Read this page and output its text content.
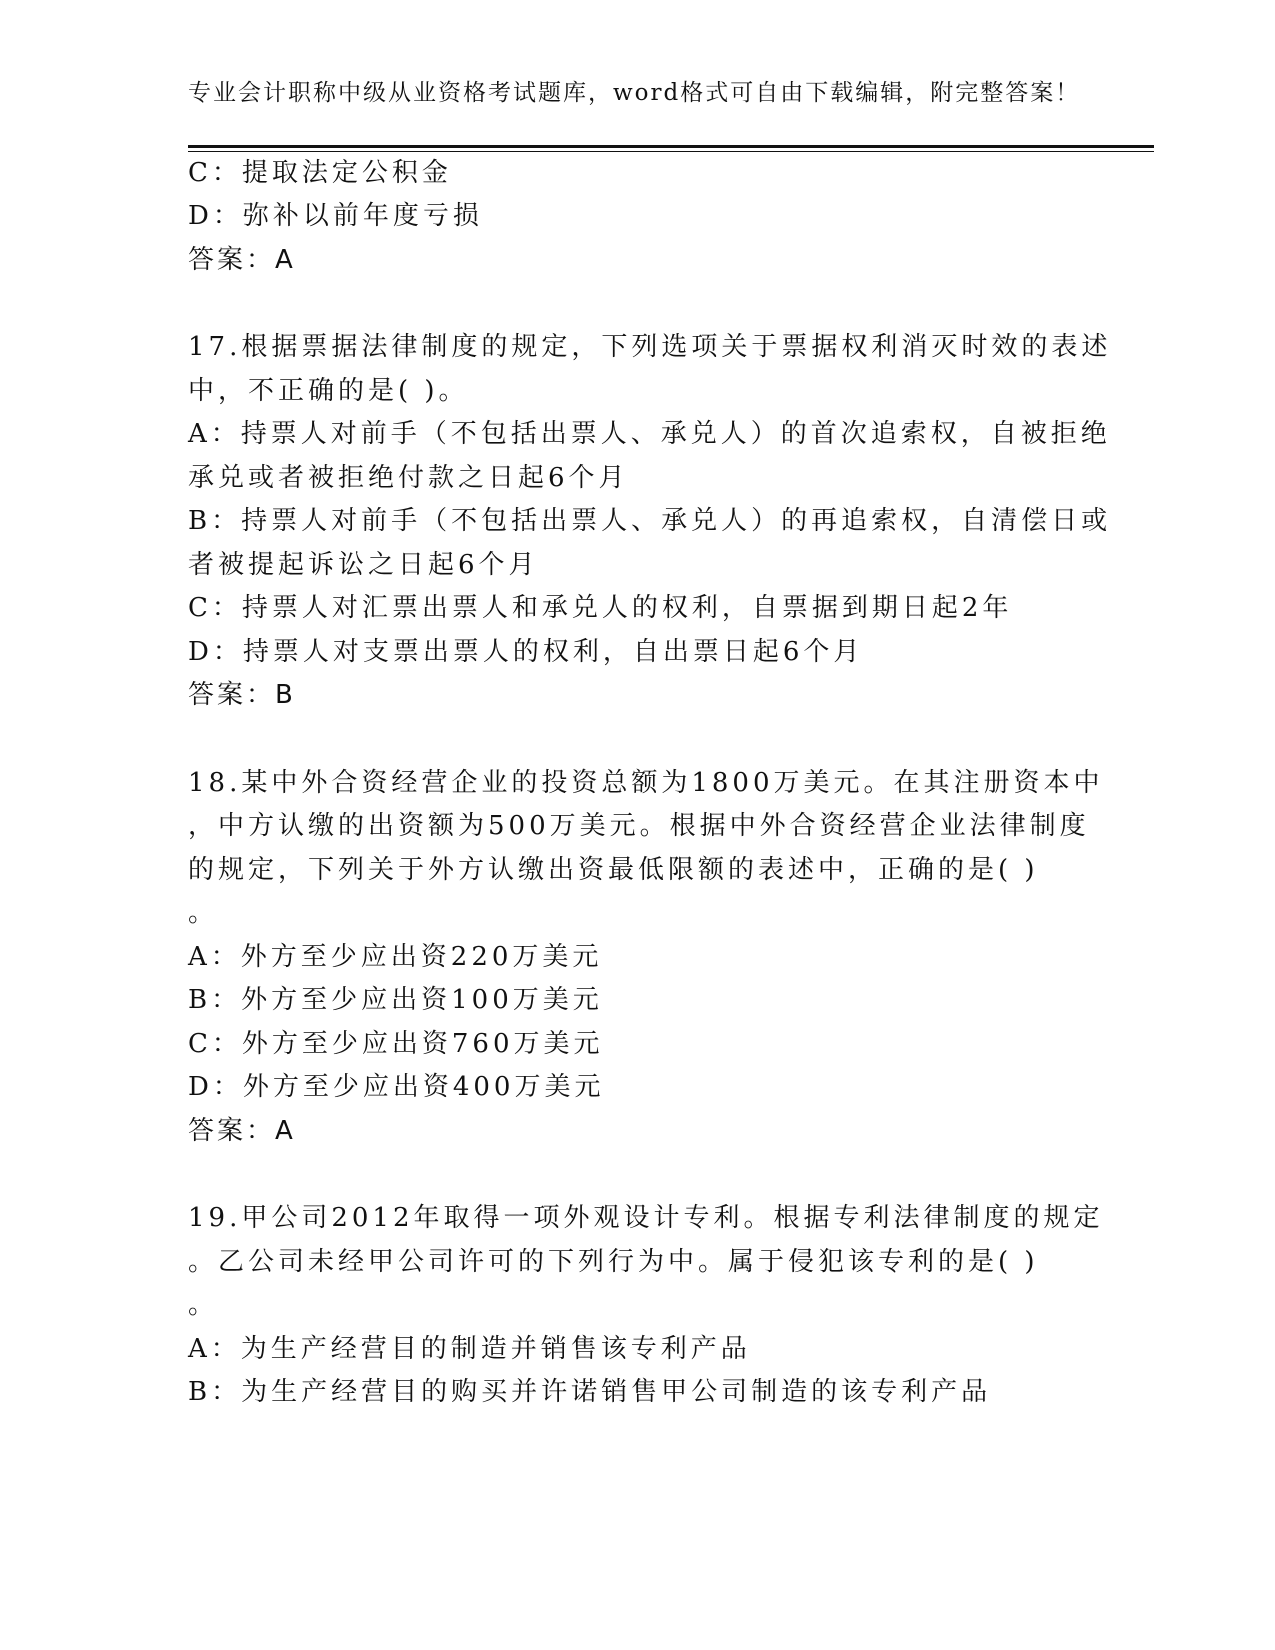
专业会计职称中级从业资格考试题库，word格式可自由下载编辑，附完整答案！
C：提取法定公积金
D：弥补以前年度亏损
答案：A
17.根据票据法律制度的规定，下列选项关于票据权利消灭时效的表述
中，不正确的是( )。
A：持票人对前手（不包括出票人、承兑人）的首次追索权，自被拒绝
承兑或者被拒绝付款之日起6个月
B：持票人对前手（不包括出票人、承兑人）的再追索权，自清偿日或
者被提起诉讼之日起6个月
C：持票人对汇票出票人和承兑人的权利，自票据到期日起2年
D：持票人对支票出票人的权利，自出票日起6个月
答案：B
18.某中外合资经营企业的投资总额为1800万美元。在其注册资本中
，中方认缴的出资额为500万美元。根据中外合资经营企业法律制度
的规定，下列关于外方认缴出资最低限额的表述中，正确的是( )
。
A：外方至少应出资220万美元
B：外方至少应出资100万美元
C：外方至少应出资760万美元
D：外方至少应出资400万美元
答案：A
19.甲公司2012年取得一项外观设计专利。根据专利法律制度的规定
。乙公司未经甲公司许可的下列行为中。属于侵犯该专利的是( )
。
A：为生产经营目的制造并销售该专利产品
B：为生产经营目的购买并许诺销售甲公司制造的该专利产品
